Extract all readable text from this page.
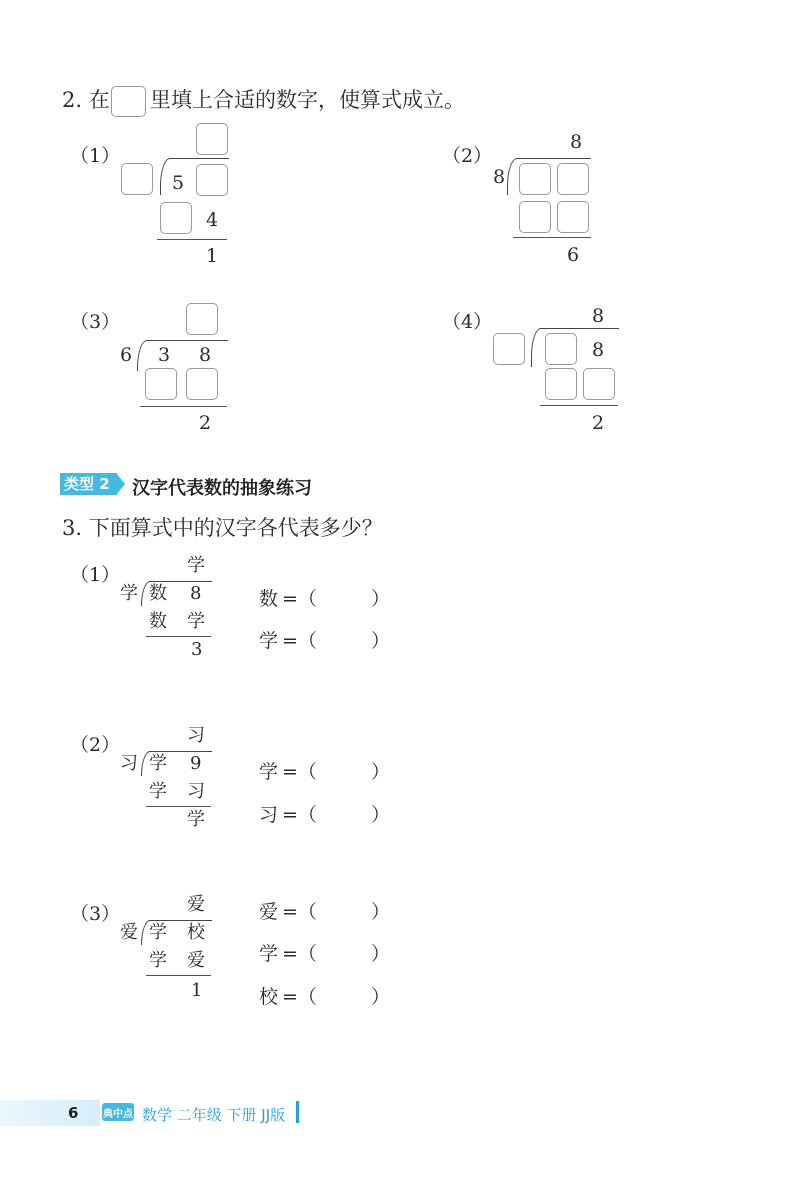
2. 在 里填上合适的数字，使算式成立。
（1）
5
4
1
（2）
8
8
6
（3）
6 3 8
2
（4）	8
8
2
类型 2	汉字代表数的抽象练习
3. 下面算式中的汉字各代表多少？
（1）	学
学 数 8
数 学
3
数 =（	）
学 =（	）
（2）	习
习 学 9
学 习
学
学 =（	）
习 =（	）
（3）	爱
爱 学 校
学 爱
1
爱 =（	）
学 =（	）
校 =（	）
6 典中点 数学 二年级 下册 JJ版
